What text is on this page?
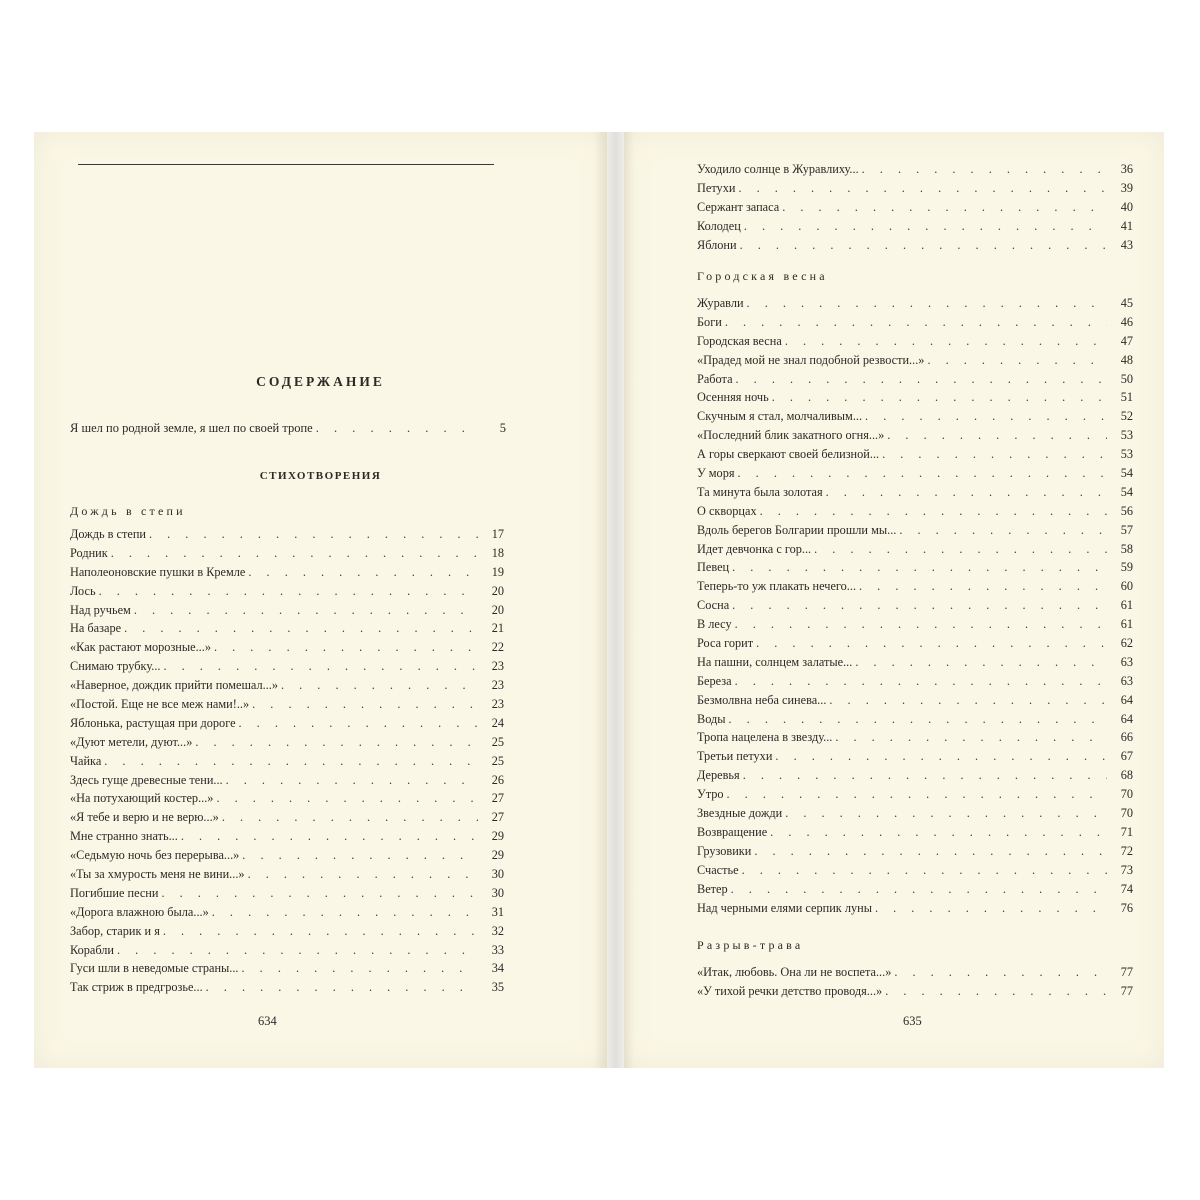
СОДЕРЖАНИЕ
Я шел по родной земле, я шел по своей тропе . . .	5
СТИХОТВОРЕНИЯ
Дождь в степи
Дождь в степи . . .	17
Родник . . .	18
Наполеоновские пушки в Кремле . . .	19
Лось . . .	20
Над ручьем . . .	20
На базаре . . .	21
«Как растают морозные...» . . .	22
Снимаю трубку... . . .	23
«Наверное, дождик прийти помешал...» . . .	23
«Постой. Еще не все меж нами!..» . . .	23
Яблонька, растущая при дороге . . .	24
«Дуют метели, дуют...» . . .	25
Чайка . . .	25
Здесь гуще древесные тени... . . .	26
«На потухающий костер...» . . .	27
«Я тебе и верю и не верю...» . . .	27
Мне странно знать... . . .	29
«Седьмую ночь без перерыва...» . . .	29
«Ты за хмурость меня не вини...» . . .	30
Погибшие песни . . .	30
«Дорога влажною была...» . . .	31
Забор, старик и я . . .	32
Корабли . . .	33
Гуси шли в неведомые страны... . . .	34
Так стриж в предгрозье... . . .	35
634
Уходило солнце в Журавлиху... . . .	36
Петухи . . .	39
Сержант запаса . . .	40
Колодец . . .	41
Яблони . . .	43
Городская весна
Журавли . . .	45
Боги . . .	46
Городская весна . . .	47
«Прадед мой не знал подобной резвости...» . . .	48
Работа . . .	50
Осенняя ночь . . .	51
Скучным я стал, молчаливым... . . .	52
«Последний блик закатного огня...» . . .	53
А горы сверкают своей белизной... . . .	53
У моря . . .	54
Та минута была золотая . . .	54
О скворцах . . .	56
Вдоль берегов Болгарии прошли мы... . . .	57
Идет девчонка с гор... . . .	58
Певец . . .	59
Теперь-то уж плакать нечего... . . .	60
Сосна . . .	61
В лесу . . .	61
Роса горит . . .	62
На пашни, солнцем залатые... . . .	63
Береза . . .	63
Безмолвна неба синева... . . .	64
Воды . . .	64
Тропа нацелена в звезду... . . .	66
Третьи петухи . . .	67
Деревья . . .	68
Утро . . .	70
Звездные дожди . . .	70
Возвращение . . .	71
Грузовики . . .	72
Счастье . . .	73
Ветер . . .	74
Над черными елями серпик луны . . .	76
Разрыв-трава
«Итак, любовь. Она ли не воспета...» . . .	77
«У тихой речки детство проводя...» . . .	77
635
